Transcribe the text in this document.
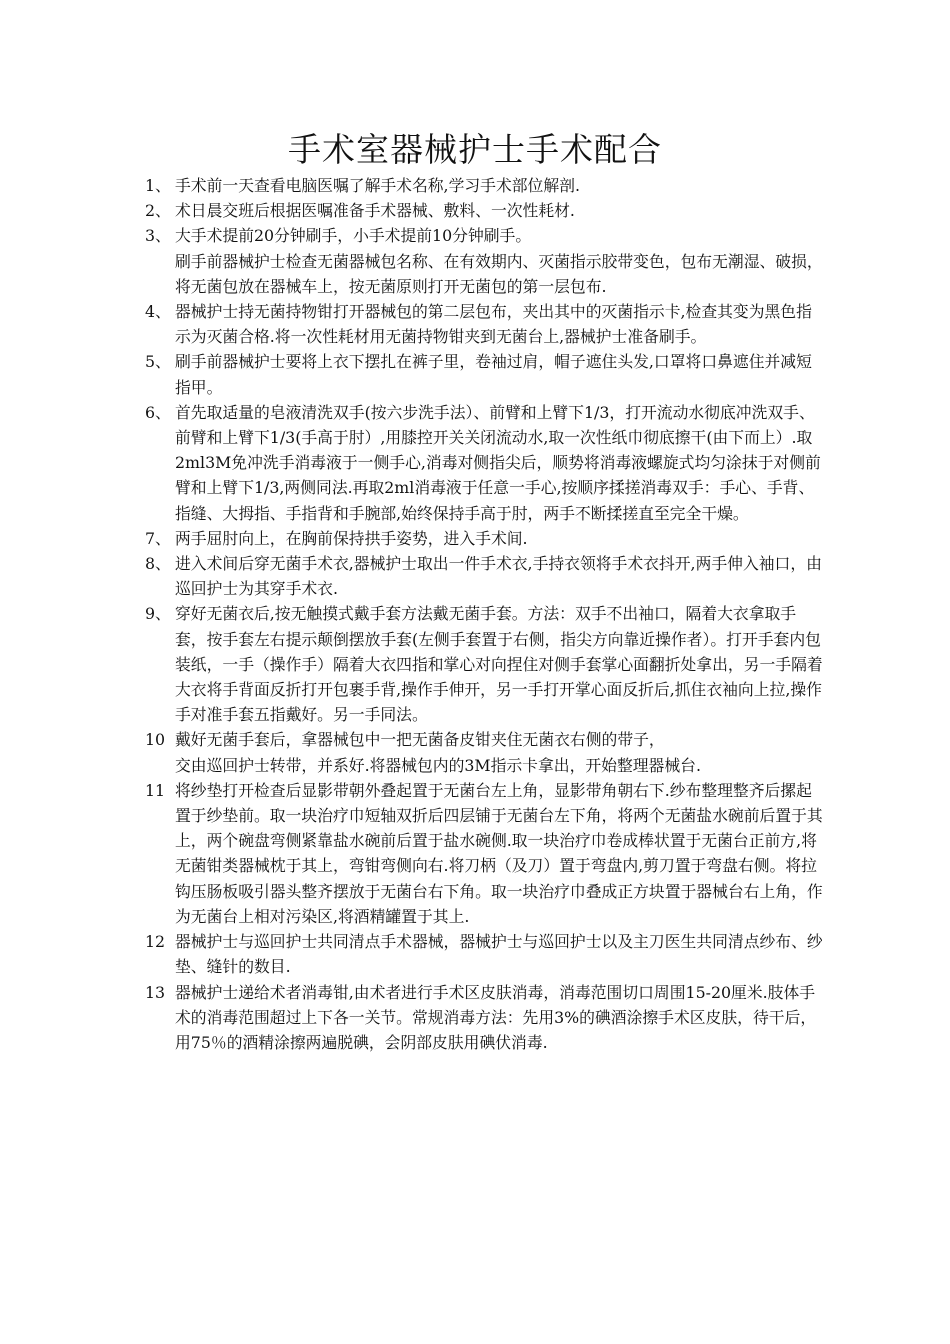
手术室器械护士手术配合
1、 手术前一天查看电脑医嘱了解手术名称,学习手术部位解剖.
2、 术日晨交班后根据医嘱准备手术器械、敷料、一次性耗材.
3、 大手术提前20分钟刷手，小手术提前10分钟刷手。
刷手前器械护士检查无菌器械包名称、在有效期内、灭菌指示胶带变色，包布无潮湿、破损，将无菌包放在器械车上，按无菌原则打开无菌包的第一层包布.
4、 器械护士持无菌持物钳打开器械包的第二层包布，夹出其中的灭菌指示卡,检查其变为黑色指示为灭菌合格.将一次性耗材用无菌持物钳夹到无菌台上,器械护士准备刷手。
5、 刷手前器械护士要将上衣下摆扎在裤子里，卷袖过肩，帽子遮住头发,口罩将口鼻遮住并减短指甲。
6、 首先取适量的皂液清洗双手(按六步洗手法）、前臂和上臂下1/3，打开流动水彻底冲洗双手、前臂和上臂下1/3(手高于肘）,用膝控开关关闭流动水,取一次性纸巾彻底擦干(由下而上）.取2ml3M免冲洗手消毒液于一侧手心,消毒对侧指尖后，顺势将消毒液螺旋式均匀涂抹于对侧前臂和上臂下1/3,两侧同法.再取2ml消毒液于任意一手心,按顺序揉搓消毒双手：手心、手背、指缝、大拇指、手指背和手腕部,始终保持手高于肘，两手不断揉搓直至完全干燥。
7、 两手屈肘向上，在胸前保持拱手姿势，进入手术间.
8、 进入术间后穿无菌手术衣,器械护士取出一件手术衣,手持衣领将手术衣抖开,两手伸入袖口，由巡回护士为其穿手术衣.
9、 穿好无菌衣后,按无触摸式戴手套方法戴无菌手套。方法：双手不出袖口，隔着大衣拿取手套，按手套左右提示颠倒摆放手套(左侧手套置于右侧，指尖方向靠近操作者）。打开手套内包装纸，一手（操作手）隔着大衣四指和掌心对向捏住对侧手套掌心面翻折处拿出，另一手隔着大衣将手背面反折打开包裹手背,操作手伸开，另一手打开掌心面反折后,抓住衣袖向上拉,操作手对准手套五指戴好。另一手同法。
10 戴好无菌手套后，拿器械包中一把无菌备皮钳夹住无菌衣右侧的带子，
交由巡回护士转带，并系好.将器械包内的3M指示卡拿出，开始整理器械台.
11 将纱垫打开检查后显影带朝外叠起置于无菌台左上角，显影带角朝右下.纱布整理整齐后摞起置于纱垫前。取一块治疗巾短轴双折后四层铺于无菌台左下角，将两个无菌盐水碗前后置于其上，两个碗盘弯侧紧靠盐水碗前后置于盐水碗侧.取一块治疗巾卷成棒状置于无菌台正前方,将无菌钳类器械枕于其上，弯钳弯侧向右.将刀柄（及刀）置于弯盘内,剪刀置于弯盘右侧。将拉钩压肠板吸引器头整齐摆放于无菌台右下角。取一块治疗巾叠成正方块置于器械台右上角，作为无菌台上相对污染区,将酒精罐置于其上.
12 器械护士与巡回护士共同清点手术器械，器械护士与巡回护士以及主刀医生共同清点纱布、纱垫、缝针的数目.
13 器械护士递给术者消毒钳,由术者进行手术区皮肤消毒，消毒范围切口周围15-20厘米.肢体手术的消毒范围超过上下各一关节。常规消毒方法：先用3%的碘酒涂擦手术区皮肤，待干后，用75％的酒精涂擦两遍脱碘，会阴部皮肤用碘伏消毒.
